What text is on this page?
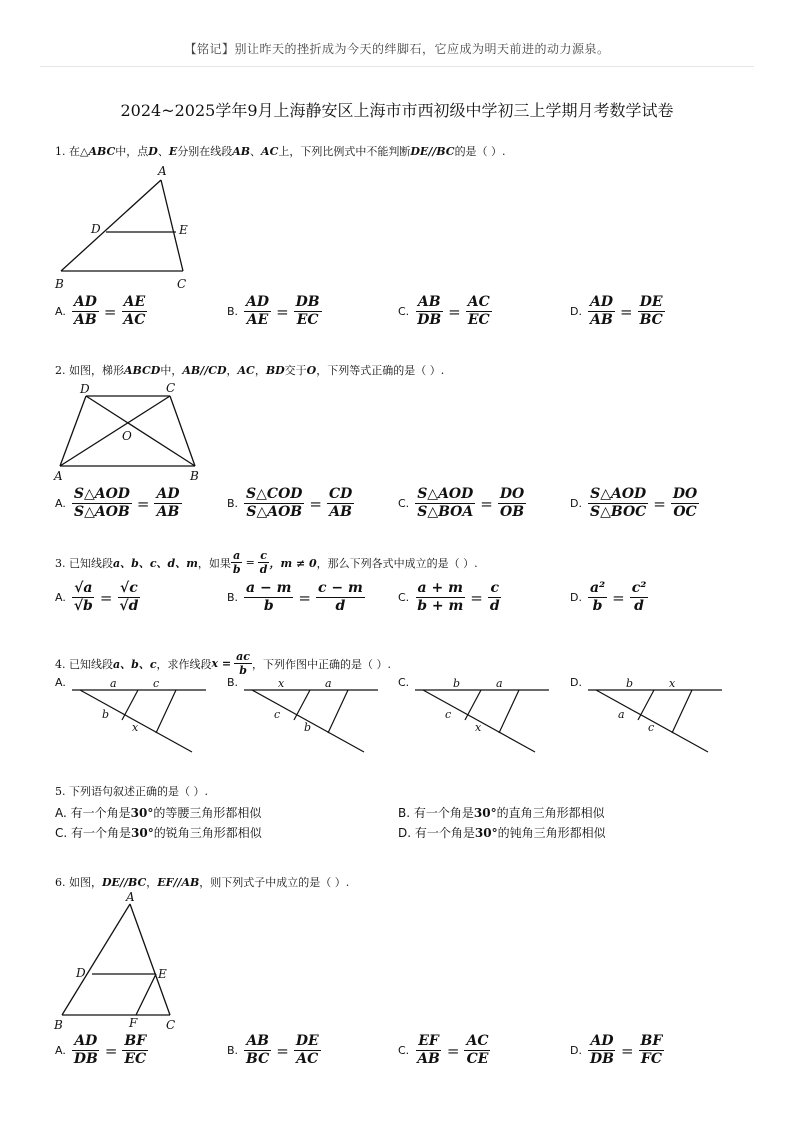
【铭记】别让昨天的挫折成为今天的绊脚石，它应成为明天前进的动力源泉。
2024~2025学年9月上海静安区上海市市西初级中学初三上学期月考数学试卷
1. 在△ABC中，点D、E分别在线段AB、AC上，下列比例式中不能判断DE//BC的是（ ）.
A
D	E
B	C
A. $\frac{AD}{AB} = \frac{AE}{AC}$	B. $\frac{AD}{AE} = \frac{DB}{EC}$	C. $\frac{AB}{DB} = \frac{AC}{EC}$	D. $\frac{AD}{AB} = \frac{DE}{BC}$
2. 如图，梯形ABCD中，AB//CD，AC，BD交于O，下列等式正确的是（ ）.
D	C
O
A	B
A. $\frac{\text{S△AOD}}{\text{S△AOB}} = \frac{AD}{AB}$	B. $\frac{\text{S△COD}}{\text{S△AOB}} = \frac{CD}{AB}$	C. $\frac{\text{S△AOD}}{\text{S△BOA}} = \frac{DO}{OB}$	D. $\frac{\text{S△AOD}}{\text{S△BOC}} = \frac{DO}{OC}$
3. 已知线段 a、b、c、d、m ，如果 $\frac{a}{b} = \frac{c}{d}$ ，m ≠ 0 ，那么下列各式中成立的是（ ）.
A. $\frac{√a}{√b} = \frac{√c}{√d}$	B. $\frac{a - m}{b} = \frac{c - m}{d}$	C. $\frac{a + m}{b + m} = \frac{c}{d}$	D. $\frac{\text{a²}}{b} = \frac{\text{c²}}{d}$
4. 已知线段 a、b、c ，求作线段 $x = \frac{ac}{b}$ ，下列作图中正确的是（ ）.
A.	a	c
b
x
B.	x	a
c
b
C.	b	a
c
x
D.	b	x
a
c
5. 下列语句叙述正确的是（ ）.
A. 有一个角是30°的等腰三角形都相似	B. 有一个角是30°的直角三角形都相似
C. 有一个角是30°的锐角三角形都相似	D. 有一个角是30°的钝角三角形都相似
6. 如图，DE//BC，EF//AB，则下列式子中成立的是（ ）.
A
D	E
B	F C
A. $\frac{AD}{DB} = \frac{BF}{EC}$	B. $\frac{AB}{BC} = \frac{DE}{AC}$	C. $\frac{EF}{AB} = \frac{AC}{CE}$	D. $\frac{AD}{DB} = \frac{BF}{FC}$
